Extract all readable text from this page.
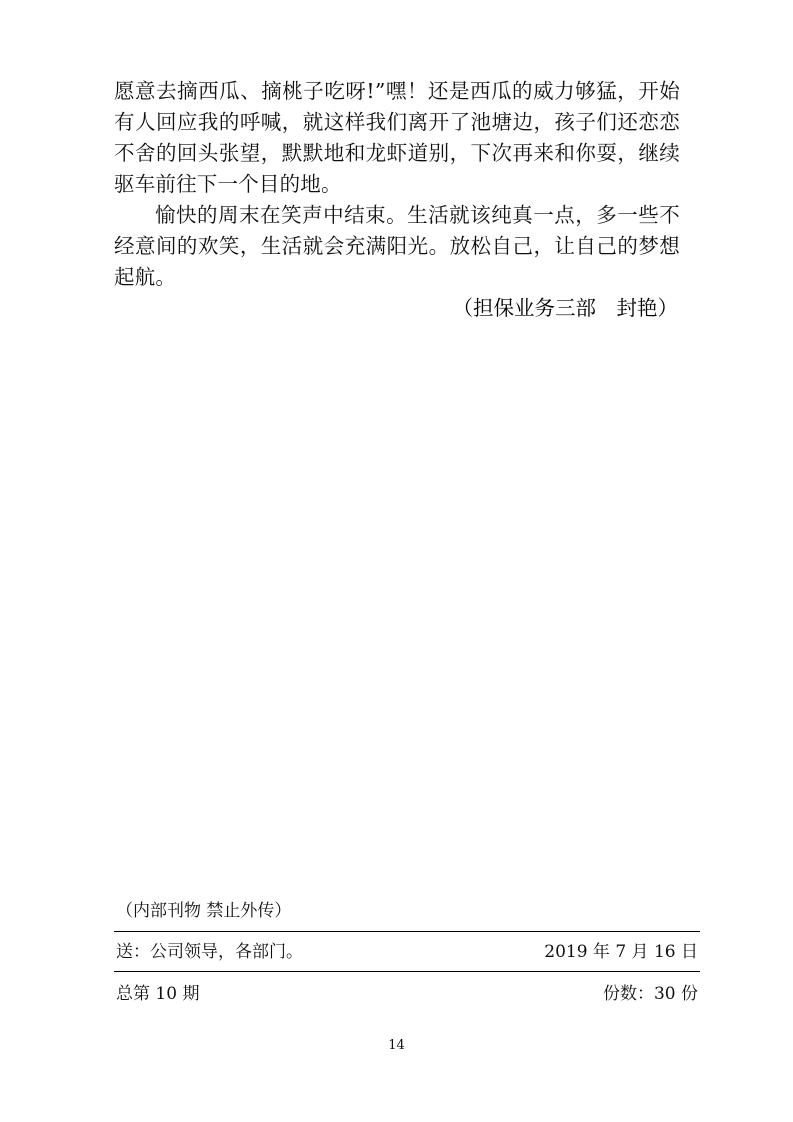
愿意去摘西瓜、摘桃子吃呀!”嘿！还是西瓜的威力够猛，开始有人回应我的呼喊，就这样我们离开了池塘边，孩子们还恋恋不舍的回头张望，默默地和龙虾道别，下次再来和你耍，继续驱车前往下一个目的地。

愉快的周末在笑声中结束。生活就该纯真一点，多一些不经意间的欢笑，生活就会充满阳光。放松自己，让自己的梦想起航。

（担保业务三部　封艳）
（内部刊物 禁止外传）
送：公司领导，各部门。	2019 年 7 月 16 日
总第 10 期	份数：30 份
14
